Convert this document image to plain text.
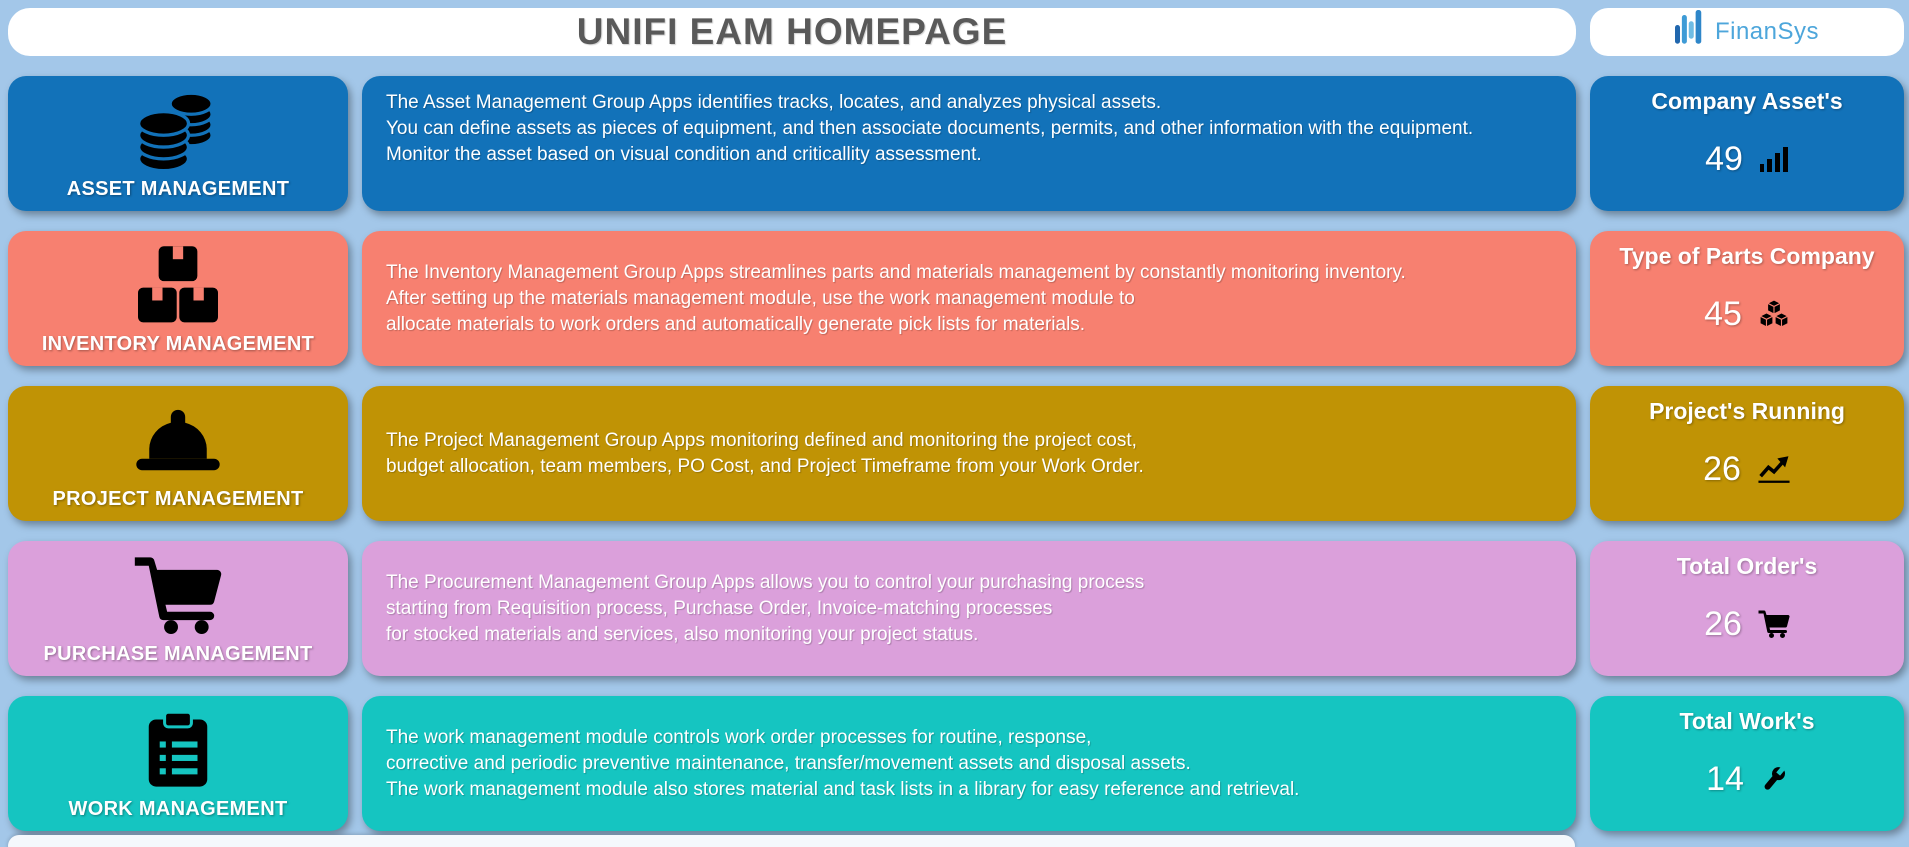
UNIFI EAM HOMEPAGE	FinanSys
ASSET MANAGEMENT

The Asset Management Group Apps identifies tracks, locates, and analyzes physical assets.

You can define assets as pieces of equipment, and then associate documents, permits, and other information with the equipment.

Monitor the asset based on visual condition and criticallity assessment.

Company Asset's
49
INVENTORY MANAGEMENT

The Inventory Management Group Apps streamlines parts and materials management by constantly monitoring inventory.

After setting up the materials management module, use the work management module to

allocate materials to work orders and automatically generate pick lists for materials.

Type of Parts Company
45
PROJECT MANAGEMENT

The Project Management Group Apps monitoring defined and monitoring the project cost,

budget allocation, team members, PO Cost, and Project Timeframe from your Work Order.

Project's Running
26
PURCHASE MANAGEMENT

The Procurement Management Group Apps allows you to control your purchasing process

starting from Requisition process, Purchase Order, Invoice-matching processes

for stocked materials and services, also monitoring your project status.

Total Order's
26
WORK MANAGEMENT

The work management module controls work order processes for routine, response,

corrective and periodic preventive maintenance, transfer/movement assets and disposal assets.

The work management module also stores material and task lists in a library for easy reference and retrieval.

Total Work's
14
